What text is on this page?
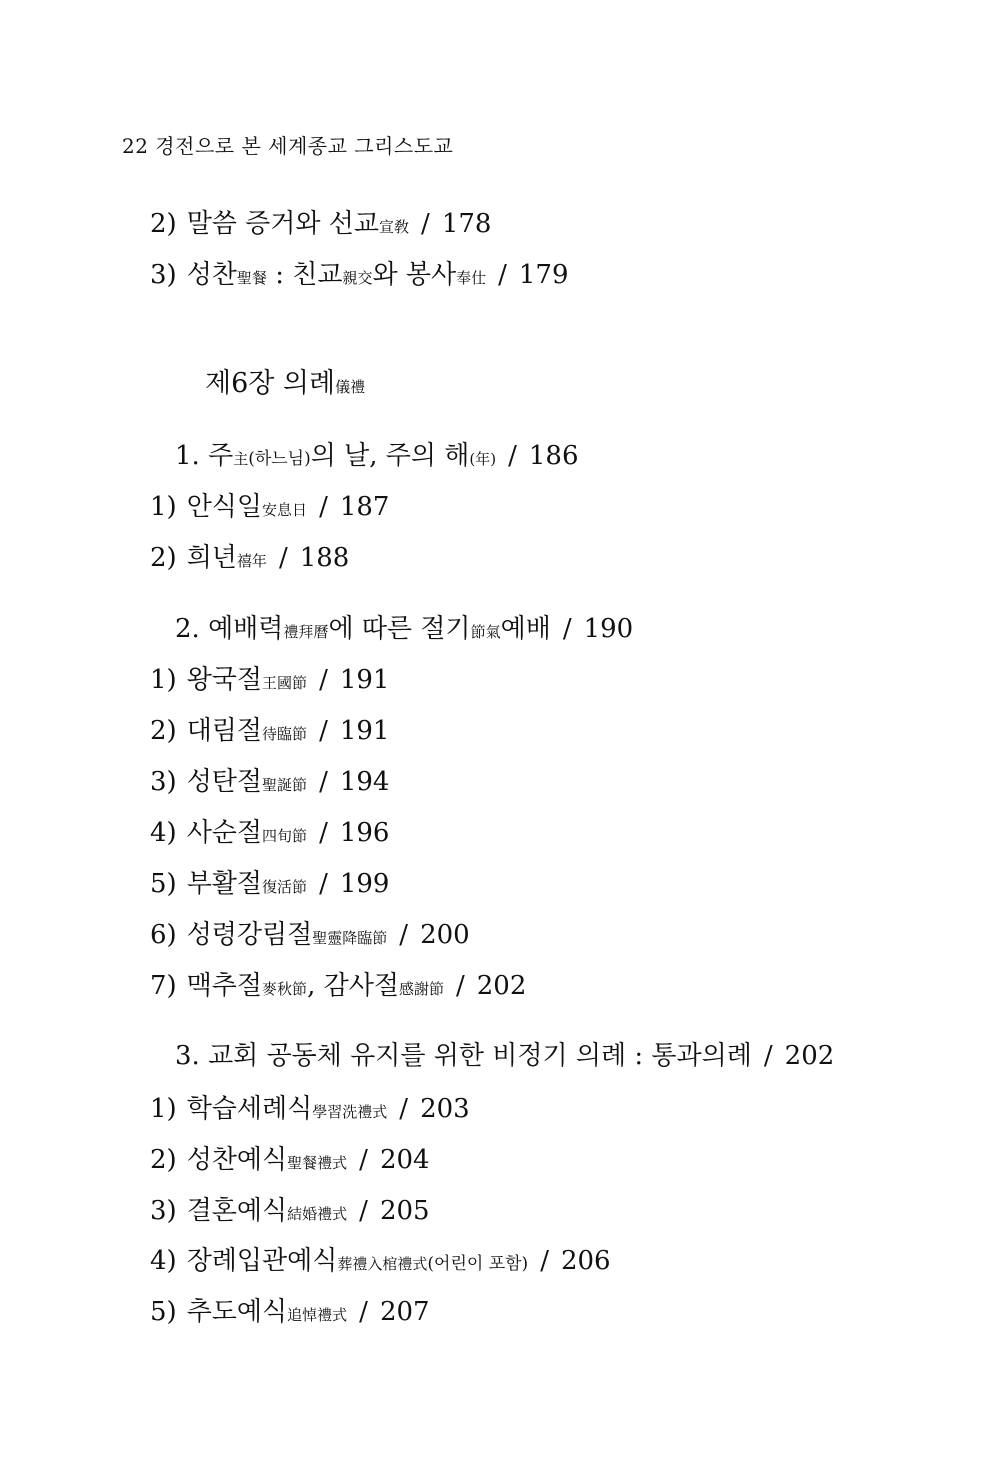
22 경전으로 본 세계종교 그리스도교
2) 말씀 증거와 선교宣敎 / 178
3) 성찬聖餐 : 친교親交와 봉사奉仕 / 179
제6장 의례儀禮
1. 주主(하느님)의 날, 주의 해(年) / 186
1) 안식일安息日 / 187
2) 희년禧年 / 188
2. 예배력禮拜曆에 따른 절기節氣예배 / 190
1) 왕국절王國節 / 191
2) 대림절待臨節 / 191
3) 성탄절聖誕節 / 194
4) 사순절四旬節 / 196
5) 부활절復活節 / 199
6) 성령강림절聖靈降臨節 / 200
7) 맥추절麥秋節, 감사절感謝節 / 202
3. 교회 공동체 유지를 위한 비정기 의례 : 통과의례 / 202
1) 학습세례식學習洗禮式 / 203
2) 성찬예식聖餐禮式 / 204
3) 결혼예식結婚禮式 / 205
4) 장례입관예식葬禮入棺禮式(어린이 포함) / 206
5) 추도예식追悼禮式 / 207
